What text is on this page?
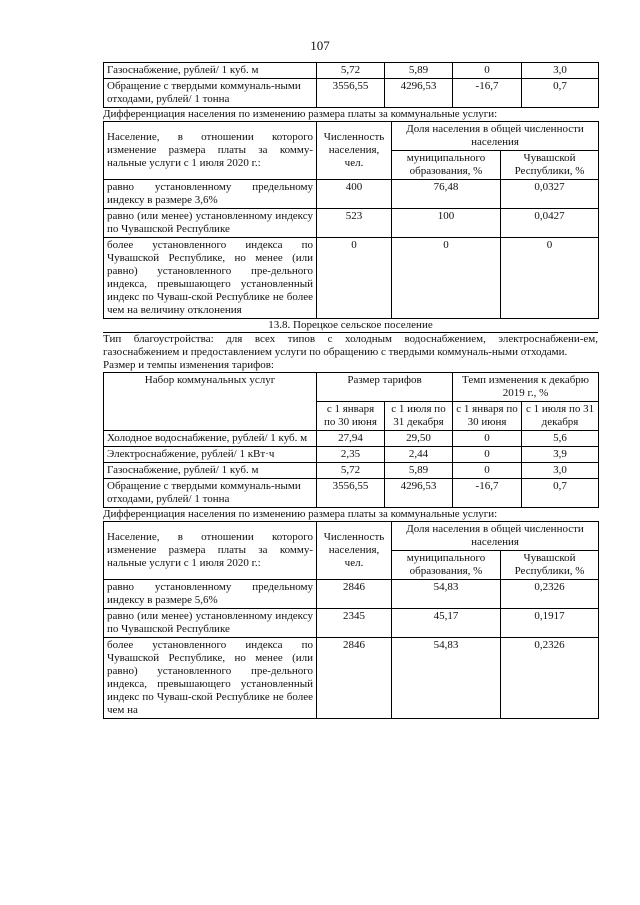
107
Газоснабжение, рублей/ 1 куб. м	5,72	5,89	0	3,0
Обращение с твердыми коммуналь-ными отходами, рублей/ 1 тонна	3556,55	4296,53	-16,7	0,7
Дифференциация населения по изменению размера платы за коммунальные услуги:
Население, в отношении которого изменение размера платы за комму-нальные услуги с 1 июля 2020 г.:	Численность населения, чел.	Доля населения в общей численности населения	
		муниципального образования, %	Чувашской Республики, %
равно установленному предельному индексу в размере 3,6%	400	76,48	0,0327
равно (или менее) установленному индексу по Чувашской Республике	523	100	0,0427
более установленного индекса по Чувашской Республике, но менее (или равно) установленного пре-дельного индекса, превышающего установленный индекс по Чуваш-ской Республике не более чем на величину отклонения	0	0	0
13.8. Порецкое сельское поселение
Тип благоустройства: для всех типов с холодным водоснабжением, электроснабжени-ем, газоснабжением и предоставлением услуги по обращению с твердыми коммуналь-ными отходами.
Размер и темпы изменения тарифов:
Набор коммунальных услуг	Размер тарифов		Темп изменения к декабрю 2019 г., %	
	с 1 января по 30 июня	с 1 июля по 31 декабря	с 1 января по 30 июня	с 1 июля по 31 декабря
Холодное водоснабжение, рублей/ 1 куб. м	27,94	29,50	0	5,6
Электроснабжение, рублей/ 1 кВт·ч	2,35	2,44	0	3,9
Газоснабжение, рублей/ 1 куб. м	5,72	5,89	0	3,0
Обращение с твердыми коммуналь-ными отходами, рублей/ 1 тонна	3556,55	4296,53	-16,7	0,7
Дифференциация населения по изменению размера платы за коммунальные услуги:
Население, в отношении которого изменение размера платы за комму-нальные услуги с 1 июля 2020 г.:	Численность населения, чел.	Доля населения в общей численности населения	
		муниципального образования, %	Чувашской Республики, %
равно установленному предельному индексу в размере 5,6%	2846	54,83	0,2326
равно (или менее) установленному индексу по Чувашской Республике	2345	45,17	0,1917
более установленного индекса по Чувашской Республике, но менее (или равно) установленного пре-дельного индекса, превышающего установленный индекс по Чуваш-ской Республике не более чем на	2846	54,83	0,2326
